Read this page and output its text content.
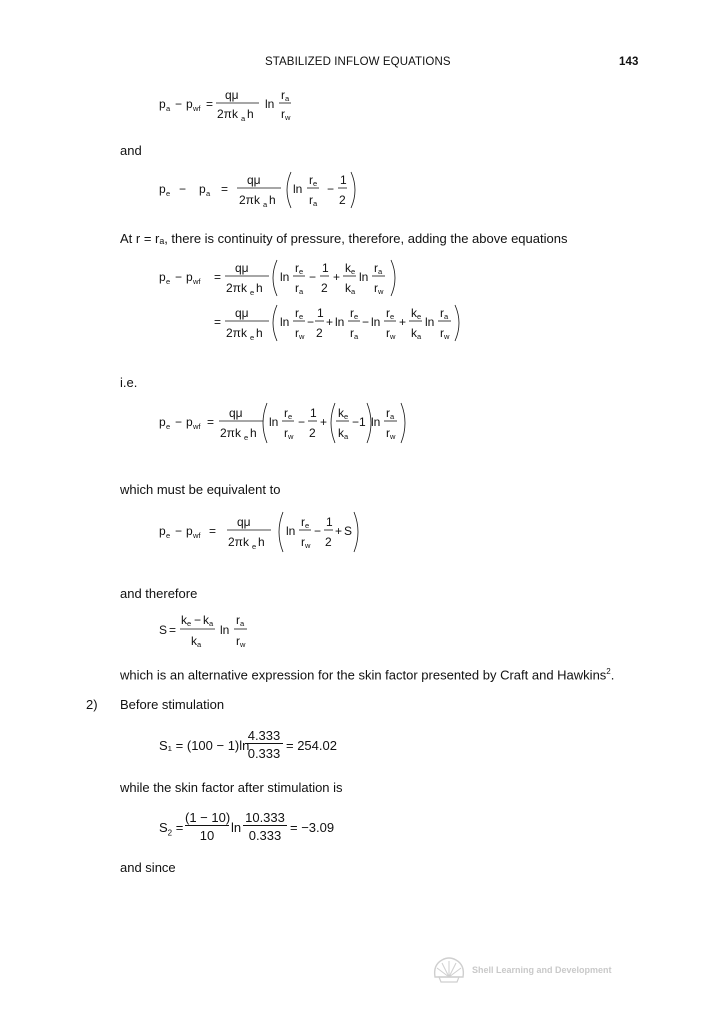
STABILIZED INFLOW EQUATIONS	143
p a − p wf =
qμ
2πk a h
ln
r a
r w
and
p e − p a =
qμ
2πk a h
ln
r e
r a
−
1
2
At r = rₐ, there is continuity of pressure, therefore, adding the above equations
p e − p wf =
qμ
2πk e h
ln
r e
r a
−
1
2
+
k e
k a
ln
r a
r w
=
qμ
2πk e h
ln
r e
r w
−
1
2
+ ln
r e
r a
− ln
r e
r w
+
k e
k a
ln
r a
r w
i.e.
p e − p wf =
qμ
2πk e h
ln
r e
r w
−
1
2
+
k e
k a
−1 ln
r a
r w
which must be equivalent to
p e − p wf =
qμ
2πk e h
ln
r e
r w
−
1
2
+ S
and therefore
S =
k e − k a
k a
ln
r a
r w
which is an alternative expression for the skin factor presented by Craft and Hawkins$^2$.
2) Before stimulation
S₁ = (100 − 1)ln
4.333
0.333
= 254.02
while the skin factor after stimulation is
$S_2$ =
(1 − 10)
10
ln
10.333
0.333
= −3.09
and since
Shell Learning and Development
